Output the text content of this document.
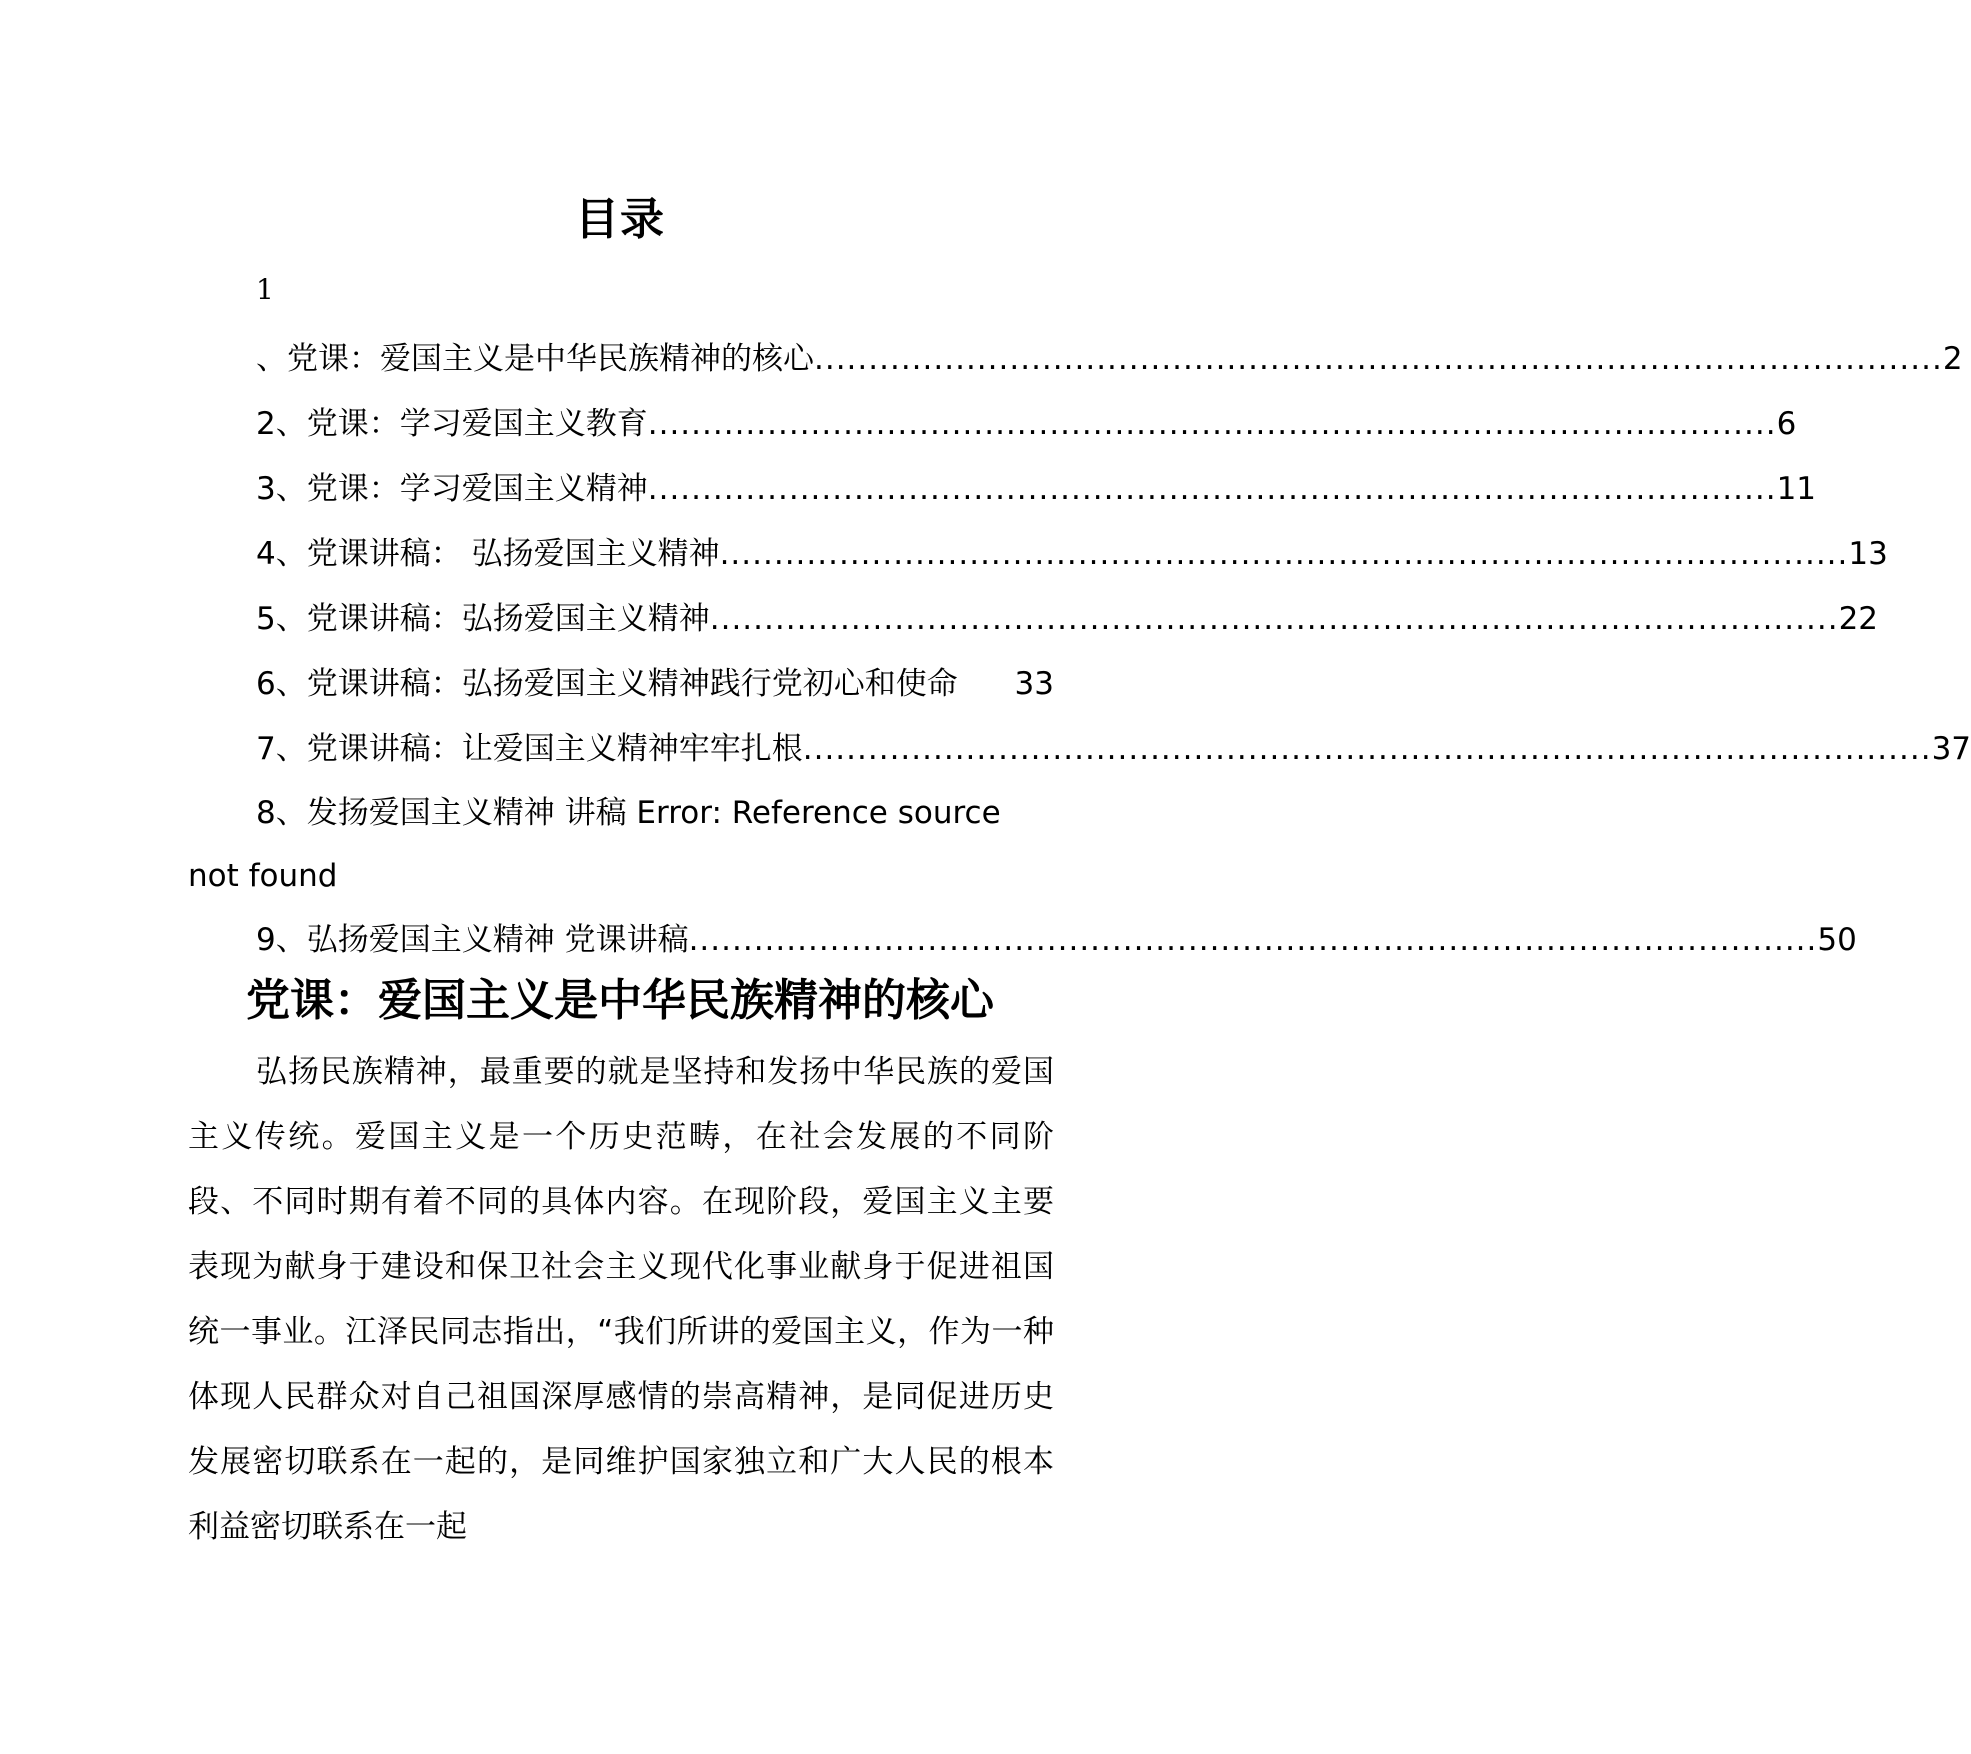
目录
1
、党课：爱国主义是中华民族精神的核心 ........................................................................................................ 2
2、党课：学习爱国主义教育 ........................................................................................................ 6
3、党课：学习爱国主义精神 ........................................................................................................ 11
4、党课讲稿： 弘扬爱国主义精神 ........................................................................................................ 13
5、党课讲稿：弘扬爱国主义精神 ........................................................................................................ 22
6、党课讲稿：弘扬爱国主义精神践行党初心和使命 33
7、党课讲稿：让爱国主义精神牢牢扎根 ........................................................................................................ 37
8、发扬爱国主义精神 讲稿 Error: Reference source not found
9、弘扬爱国主义精神 党课讲稿 ........................................................................................................ 50
党课：爱国主义是中华民族精神的核心
弘扬民族精神，最重要的就是坚持和发扬中华民族的爱国主义传统。爱国主义是一个历史范畴，在社会发展的不同阶段、不同时期有着不同的具体内容。在现阶段，爱国主义主要表现为献身于建设和保卫社会主义现代化事业献身于促进祖国统一事业。江泽民同志指出，“我们所讲的爱国主义，作为一种体现人民群众对自己祖国深厚感情的崇高精神，是同促进历史发展密切联系在一起的，是同维护国家独立和广大人民的根本利益密切联系在一起
